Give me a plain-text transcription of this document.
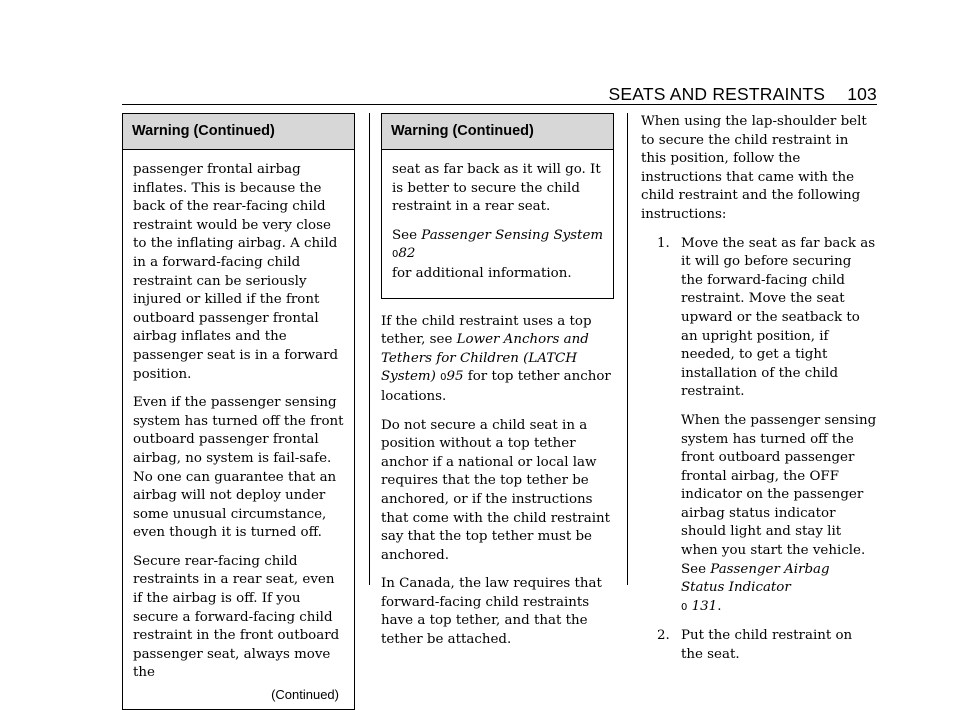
SEATS AND RESTRAINTS 103
Warning (Continued)

passenger frontal airbag inflates. This is because the back of the rear-facing child restraint would be very close to the inflating airbag. A child in a forward-facing child restraint can be seriously injured or killed if the front outboard passenger frontal airbag inflates and the passenger seat is in a forward position.

Even if the passenger sensing system has turned off the front outboard passenger frontal airbag, no system is fail-safe. No one can guarantee that an airbag will not deploy under some unusual circumstance, even though it is turned off.

Secure rear-facing child restraints in a rear seat, even if the airbag is off. If you secure a forward-facing child restraint in the front outboard passenger seat, always move the

(Continued)
Warning (Continued)

seat as far back as it will go. It is better to secure the child restraint in a rear seat.

See Passenger Sensing System 082
for additional information.

If the child restraint uses a top tether, see Lower Anchors and Tethers for Children (LATCH System) 095 for top tether anchor locations.

Do not secure a child seat in a position without a top tether anchor if a national or local law requires that the top tether be anchored, or if the instructions that come with the child restraint say that the top tether must be anchored.

In Canada, the law requires that forward-facing child restraints have a top tether, and that the tether be attached.

When using the lap-shoulder belt to secure the child restraint in this position, follow the instructions that came with the child restraint and the following instructions:

1. Move the seat as far back as it will go before securing the forward-facing child restraint. Move the seat upward or the seatback to an upright position, if needed, to get a tight installation of the child restraint.

When the passenger sensing system has turned off the front outboard passenger frontal airbag, the OFF indicator on the passenger airbag status indicator should light and stay lit when you start the vehicle. See Passenger Airbag Status Indicator
0 131.

2. Put the child restraint on the seat.
